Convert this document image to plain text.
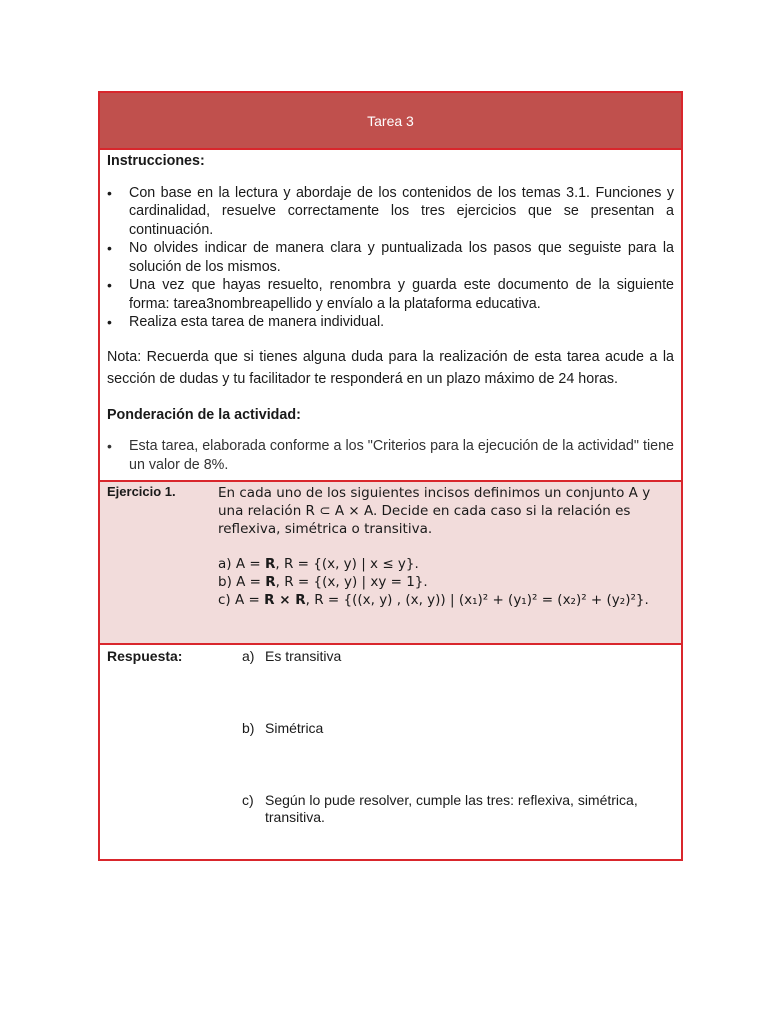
Tarea 3
Instrucciones:
• Con base en la lectura y abordaje de los contenidos de los temas 3.1. Funciones y cardinalidad, resuelve correctamente los tres ejercicios que se presentan a continuación.
• No olvides indicar de manera clara y puntualizada los pasos que seguiste para la solución de los mismos.
• Una vez que hayas resuelto, renombra y guarda este documento de la siguiente forma: tarea3nombreapellido y envíalo a la plataforma educativa.
• Realiza esta tarea de manera individual.

Nota: Recuerda que si tienes alguna duda para la realización de esta tarea acude a la sección de dudas y tu facilitador te responderá en un plazo máximo de 24 horas.

Ponderación de la actividad:

• Esta tarea, elaborada conforme a los "Criterios para la ejecución de la actividad" tiene un valor de 8%.
Ejercicio 1.	En cada uno de los siguientes incisos definimos un conjunto A y una relación R ⊂ A × A. Decide en cada caso si la relación es reflexiva, simétrica o transitiva.

a) A = R, R = {(x, y) | x ≤ y}.
b) A = R, R = {(x, y) | xy = 1}.
c) A = R × R, R = {((x, y) , (x, y)) | (x₁)² + (y₁)² = (x₂)² + (y₂)²}.
Respuesta:	a) Es transitiva
b) Simétrica
c) Según lo pude resolver, cumple las tres: reflexiva, simétrica, transitiva.
